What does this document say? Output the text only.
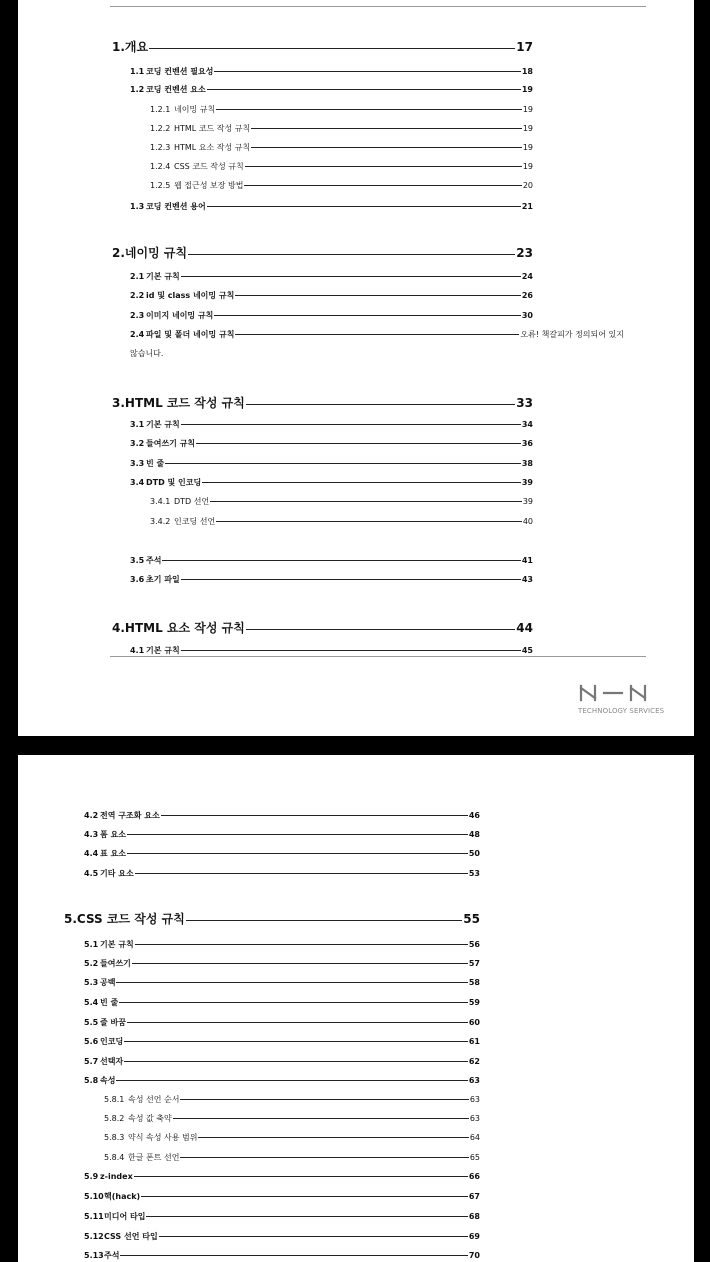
1.개요	17
1.1 코딩 컨벤션 필요성	18
1.2 코딩 컨벤션 요소	19
1.2.1 네이밍 규칙	19
1.2.2 HTML 코드 작성 규칙	19
1.2.3 HTML 요소 작성 규칙	19
1.2.4 CSS 코드 작성 규칙	19
1.2.5 웹 접근성 보장 방법	20
1.3 코딩 컨벤션 용어	21
2.네이밍 규칙	23
2.1 기본 규칙	24
2.2 id 및 class 네이밍 규칙	26
2.3 이미지 네이밍 규칙	30
2.4 파일 및 폴더 네이밍 규칙	오류! 책갈피가 정의되어 있지
않습니다.
3.HTML 코드 작성 규칙	33
3.1 기본 규칙	34
3.2 들여쓰기 규칙	36
3.3 빈 줄	38
3.4 DTD 및 인코딩	39
3.4.1 DTD 선언	39
3.4.2 인코딩 선언	40
3.5 주석	41
3.6 초기 파일	43
4.HTML 요소 작성 규칙	44
4.1 기본 규칙	45
TECHNOLOGY SERVICES
4.2 전역 구조화 요소	46
4.3 폼 요소	48
4.4 표 요소	50
4.5 기타 요소	53
5.CSS 코드 작성 규칙	55
5.1 기본 규칙	56
5.2 들여쓰기	57
5.3 공백	58
5.4 빈 줄	59
5.5 줄 바꿈	60
5.6 인코딩	61
5.7 선택자	62
5.8 속성	63
5.8.1 속성 선언 순서	63
5.8.2 속성 값 축약	63
5.8.3 약식 속성 사용 범위	64
5.8.4 한글 폰트 선언	65
5.9 z-index	66
5.10핵(hack)	67
5.11미디어 타입	68
5.12CSS 선언 타입	69
5.13주석	70
